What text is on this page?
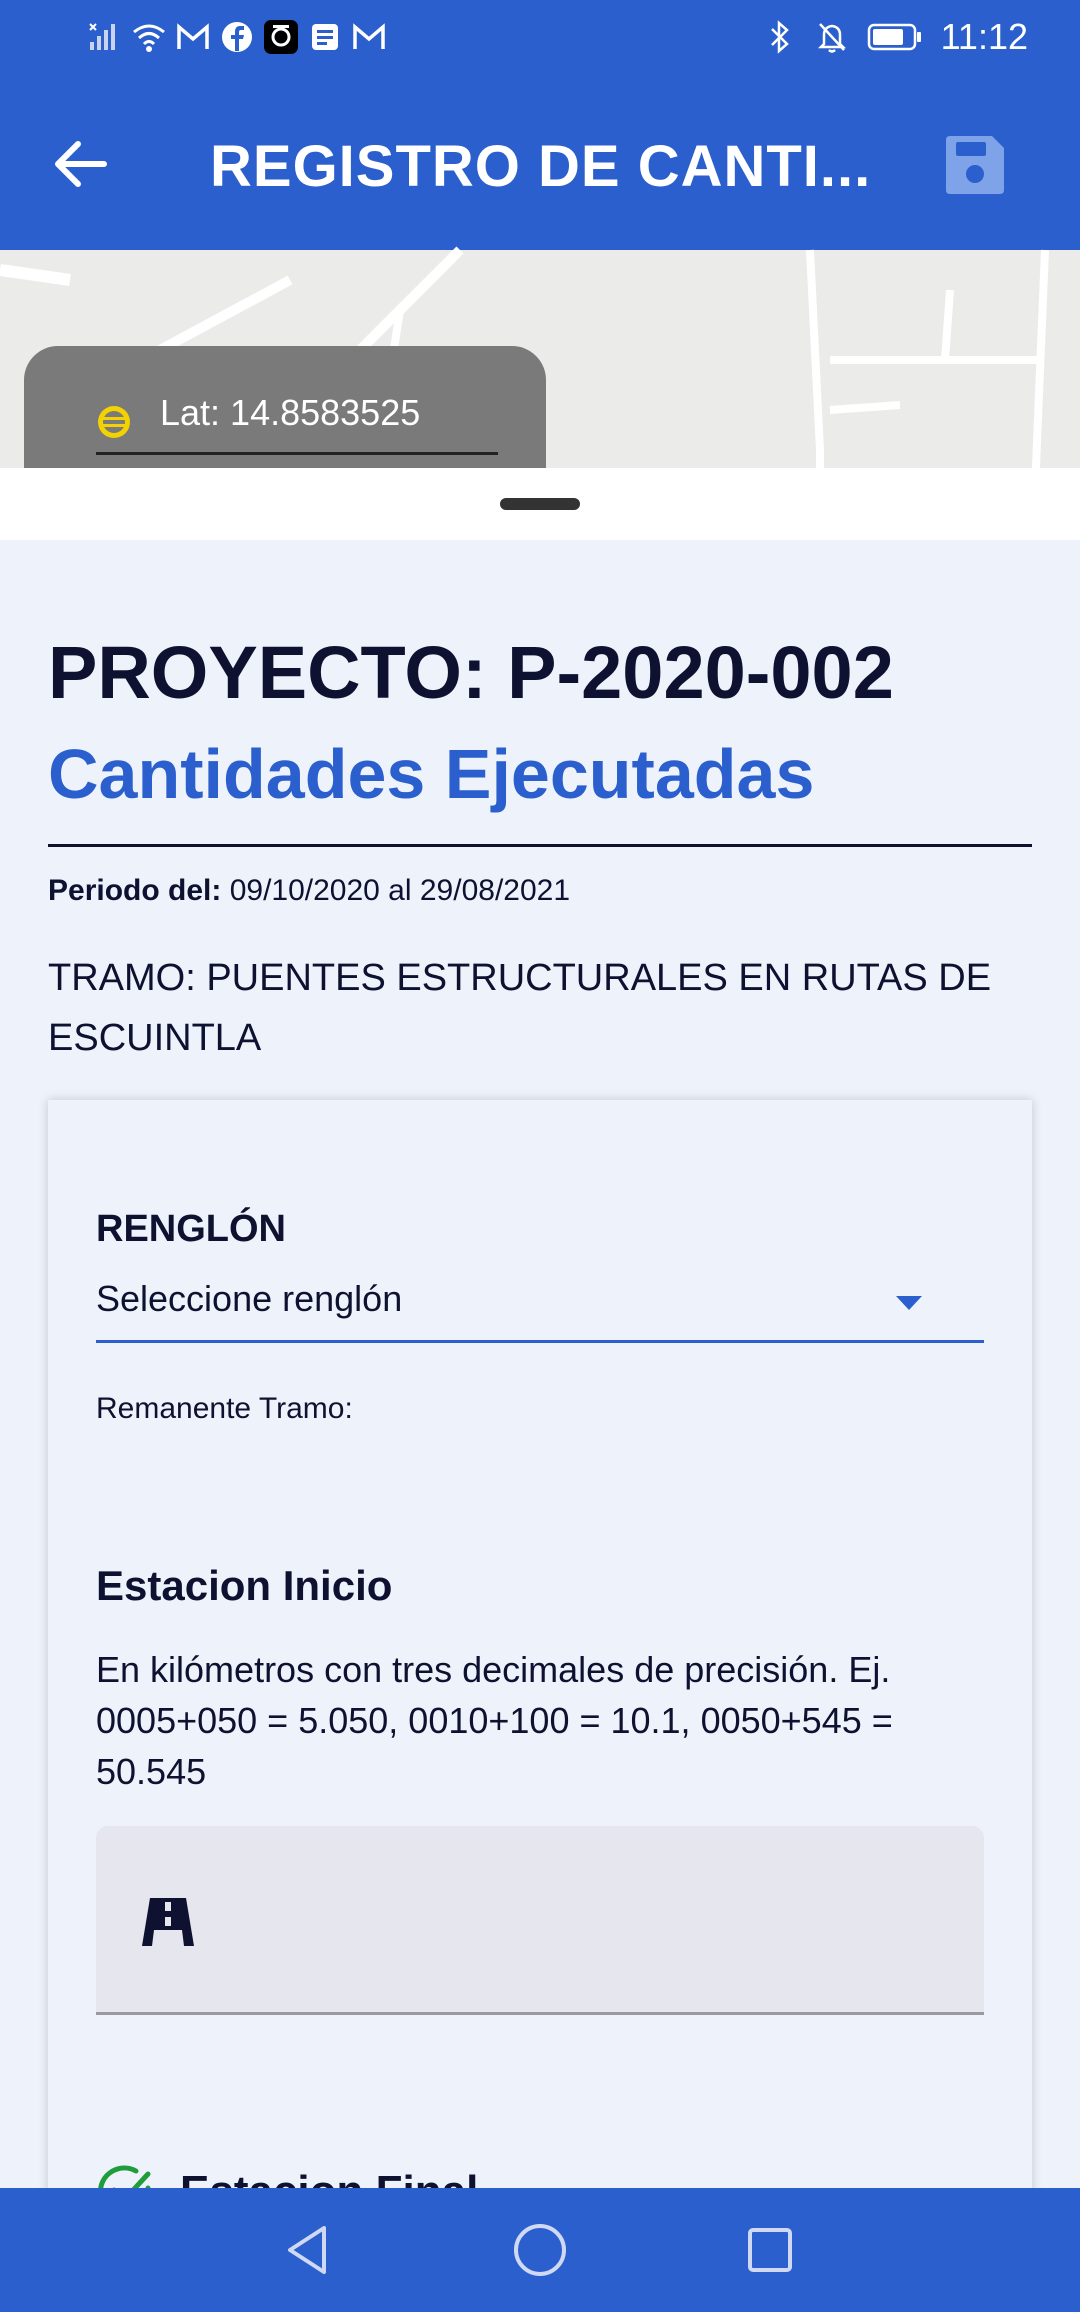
11:12
REGISTRO DE CANTI...
Lat: 14.8583525
PROYECTO: P-2020-002
Cantidades Ejecutadas
Periodo del: 09/10/2020 al 29/08/2021
TRAMO: PUENTES ESTRUCTURALES EN RUTAS DE ESCUINTLA
RENGLÓN
Seleccione renglón
Remanente Tramo:
Estacion Inicio
En kilómetros con tres decimales de precisión. Ej. 0005+050 = 5.050, 0010+100 = 10.1, 0050+545 = 50.545
